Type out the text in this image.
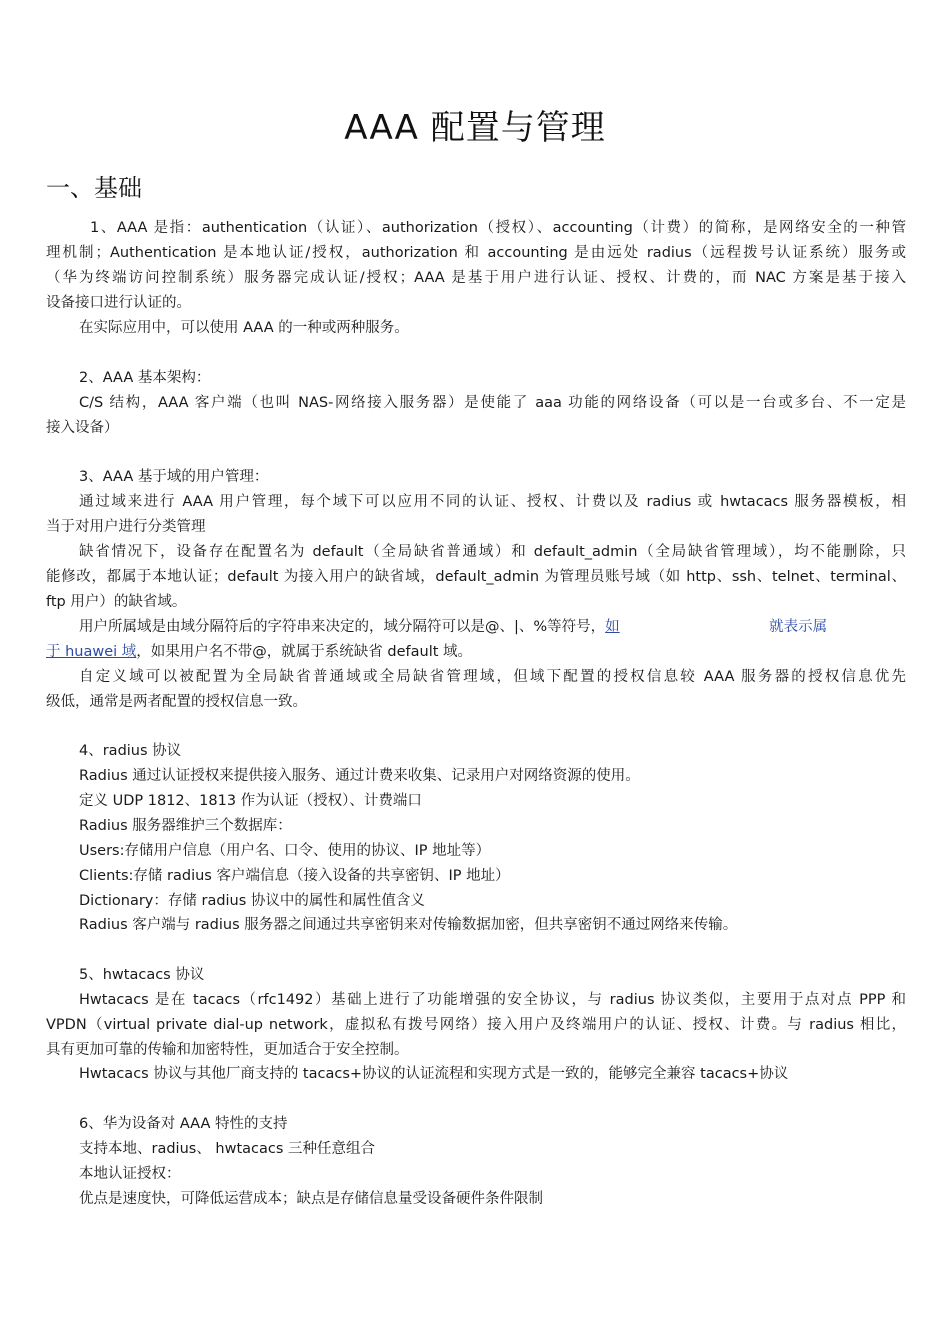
AAA 配置与管理
一、基础
1、AAA 是指：authentication（认证）、authorization（授权）、accounting（计费）的简称，是网络安全的一种管
理机制；Authentication 是本地认证/授权，authorization 和 accounting 是由远处 radius（远程拨号认证系统）服务或
（华为终端访问控制系统）服务器完成认证/授权；AAA 是基于用户进行认证、授权、计费的，而 NAC 方案是基于接入
设备接口进行认证的。
在实际应用中，可以使用 AAA 的一种或两种服务。
2、AAA 基本架构：
C/S 结构，AAA 客户端（也叫 NAS-网络接入服务器）是使能了 aaa 功能的网络设备（可以是一台或多台、不一定是
接入设备）
3、AAA 基于域的用户管理：
通过域来进行 AAA 用户管理，每个域下可以应用不同的认证、授权、计费以及 radius 或 hwtacacs 服务器模板，相
当于对用户进行分类管理
缺省情况下，设备存在配置名为 default（全局缺省普通域）和 default_admin（全局缺省管理域），均不能删除，只
能修改，都属于本地认证；default 为接入用户的缺省域，default_admin 为管理员账号域（如 http、ssh、telnet、terminal、
ftp 用户）的缺省域。
用户所属域是由域分隔符后的字符串来决定的，域分隔符可以是@、|、%等符号，如	就表示属
于 huawei 域，如果用户名不带@，就属于系统缺省 default 域。
自定义域可以被配置为全局缺省普通域或全局缺省管理域，但域下配置的授权信息较 AAA 服务器的授权信息优先
级低，通常是两者配置的授权信息一致。
4、radius 协议
Radius 通过认证授权来提供接入服务、通过计费来收集、记录用户对网络资源的使用。
定义 UDP 1812、1813 作为认证（授权）、计费端口
Radius 服务器维护三个数据库：
Users:存储用户信息（用户名、口令、使用的协议、IP 地址等）
Clients:存储 radius 客户端信息（接入设备的共享密钥、IP 地址）
Dictionary：存储 radius 协议中的属性和属性值含义
Radius 客户端与 radius 服务器之间通过共享密钥来对传输数据加密，但共享密钥不通过网络来传输。
5、hwtacacs 协议
Hwtacacs 是在 tacacs（rfc1492）基础上进行了功能增强的安全协议，与 radius 协议类似，主要用于点对点 PPP 和
VPDN（virtual private dial-up network，虚拟私有拨号网络）接入用户及终端用户的认证、授权、计费。与 radius 相比，
具有更加可靠的传输和加密特性，更加适合于安全控制。
Hwtacacs 协议与其他厂商支持的 tacacs+协议的认证流程和实现方式是一致的，能够完全兼容 tacacs+协议
6、华为设备对 AAA 特性的支持
支持本地、radius、 hwtacacs 三种任意组合
本地认证授权：
优点是速度快，可降低运营成本；缺点是存储信息量受设备硬件条件限制
